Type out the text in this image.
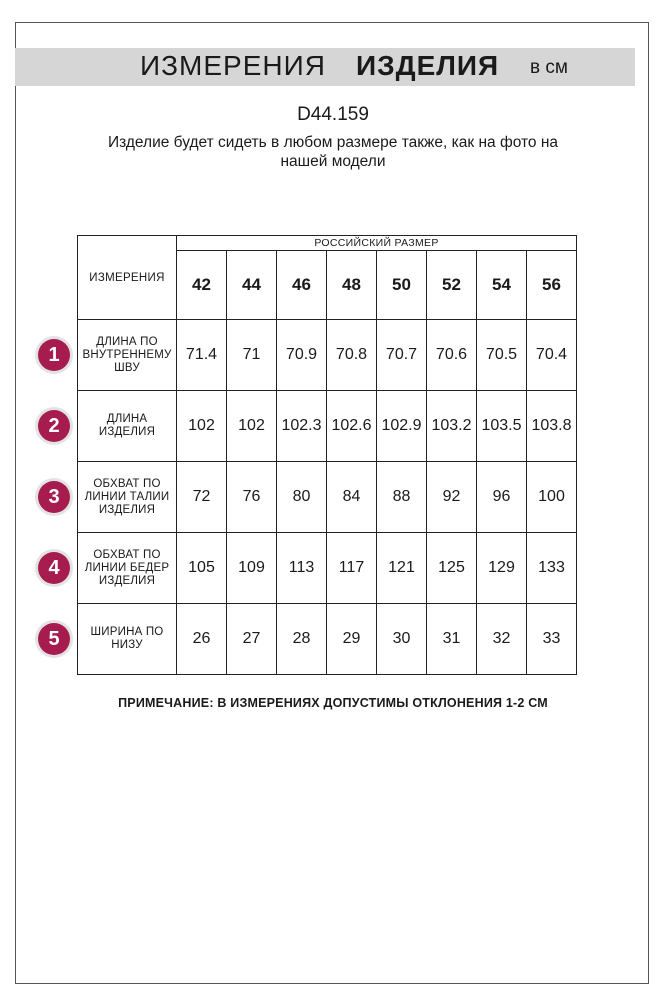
ИЗМЕРЕНИЯ ИЗДЕЛИЯ в см
D44.159
Изделие будет сидеть в любом размере также, как на фото на нашей модели
ИЗМЕРЕНИЯ	РОССИЙСКИЙ РАЗМЕР							
	42	44	46	48	50	52	54	56
ДЛИНА ПО ВНУТРЕННЕМУ ШВУ	71.4	71	70.9	70.8	70.7	70.6	70.5	70.4
ДЛИНА ИЗДЕЛИЯ	102	102	102.3	102.6	102.9	103.2	103.5	103.8
ОБХВАТ ПО ЛИНИИ ТАЛИИ ИЗДЕЛИЯ	72	76	80	84	88	92	96	100
ОБХВАТ ПО ЛИНИИ БЕДЕР ИЗДЕЛИЯ	105	109	113	117	121	125	129	133
ШИРИНА ПО НИЗУ	26	27	28	29	30	31	32	33
1
2
3
4
5
ПРИМЕЧАНИЕ: В ИЗМЕРЕНИЯХ ДОПУСТИМЫ ОТКЛОНЕНИЯ 1-2 СМ
